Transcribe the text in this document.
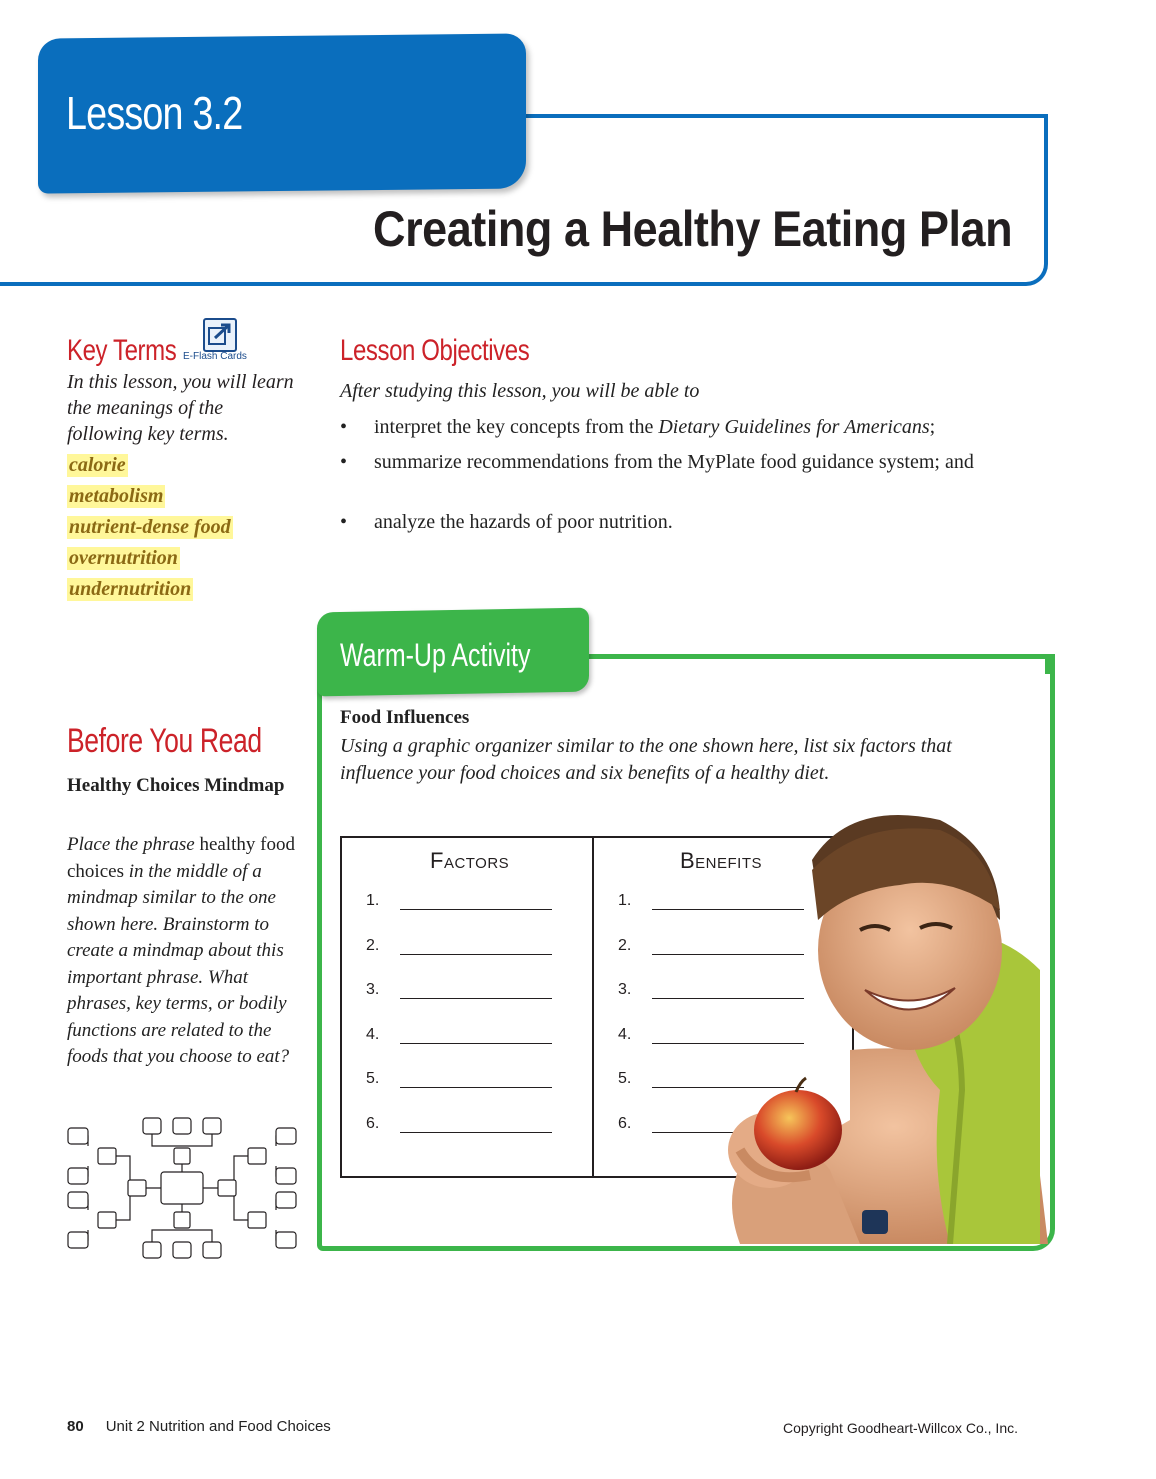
Lesson 3.2
Creating a Healthy Eating Plan
Key Terms E-Flash Cards
In this lesson, you will learn the meanings of the following key terms.
calorie
metabolism
nutrient-dense food
overnutrition
undernutrition
Lesson Objectives
After studying this lesson, you will be able to
• interpret the key concepts from the Dietary Guidelines for Americans;
• summarize recommendations from the MyPlate food guidance system; and
• analyze the hazards of poor nutrition.
Warm-Up Activity
Food Influences
Using a graphic organizer similar to the one shown here, list six factors that influence your food choices and six benefits of a healthy diet.
Factors	Benefits
1.	1.
2.	2.
3.	3.
4.	4.
5.	5.
6.	6.
Before You Read
Healthy Choices Mindmap
Place the phrase healthy food choices in the middle of a mindmap similar to the one shown here. Brainstorm to create a mindmap about this important phrase. What phrases, key terms, or bodily functions are related to the foods that you choose to eat?
80 Unit 2 Nutrition and Food Choices	Copyright Goodheart-Willcox Co., Inc.
